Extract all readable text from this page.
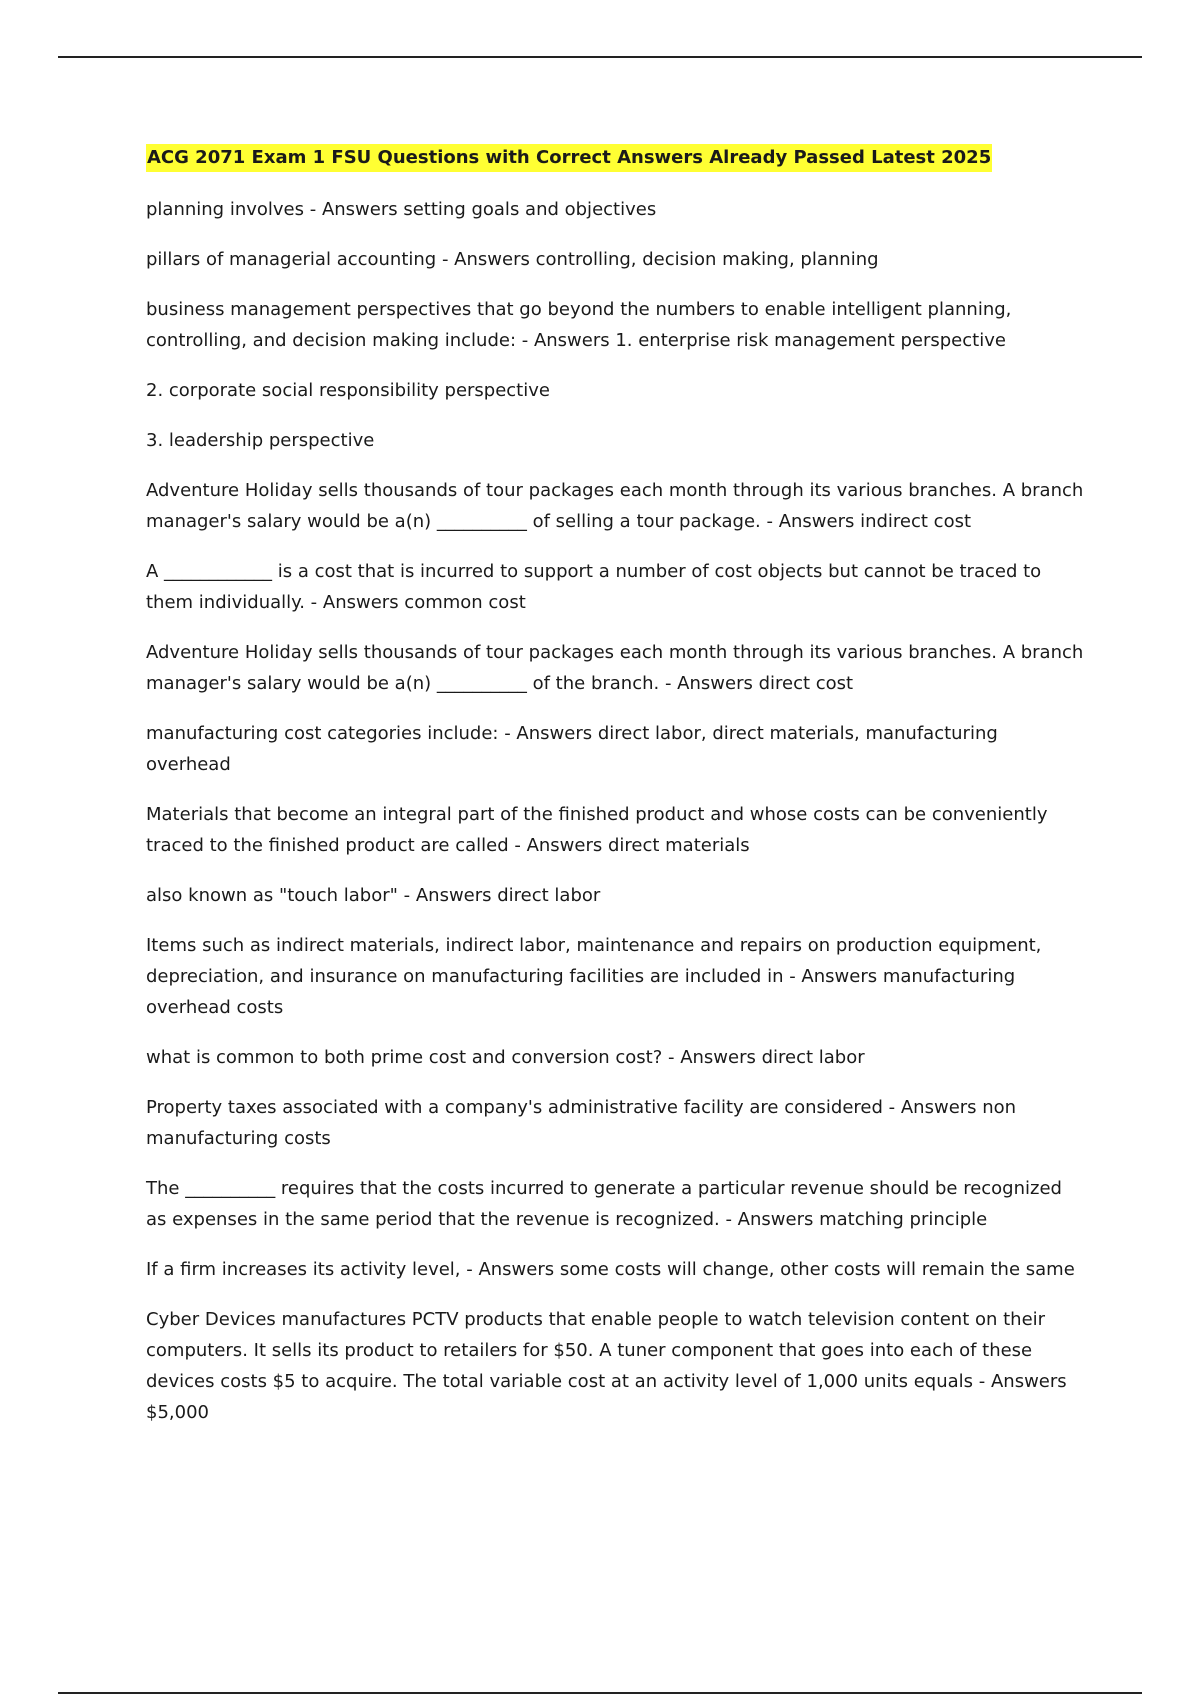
ACG 2071 Exam 1 FSU Questions with Correct Answers Already Passed Latest 2025

planning involves - Answers setting goals and objectives

pillars of managerial accounting - Answers controlling, decision making, planning

business management perspectives that go beyond the numbers to enable intelligent planning, controlling, and decision making include: - Answers 1. enterprise risk management perspective

2. corporate social responsibility perspective

3. leadership perspective

Adventure Holiday sells thousands of tour packages each month through its various branches. A branch manager's salary would be a(n) __________ of selling a tour package. - Answers indirect cost

A ____________ is a cost that is incurred to support a number of cost objects but cannot be traced to them individually. - Answers common cost

Adventure Holiday sells thousands of tour packages each month through its various branches. A branch manager's salary would be a(n) __________ of the branch. - Answers direct cost

manufacturing cost categories include: - Answers direct labor, direct materials, manufacturing overhead

Materials that become an integral part of the finished product and whose costs can be conveniently traced to the finished product are called - Answers direct materials

also known as "touch labor" - Answers direct labor

Items such as indirect materials, indirect labor, maintenance and repairs on production equipment, depreciation, and insurance on manufacturing facilities are included in - Answers manufacturing overhead costs

what is common to both prime cost and conversion cost? - Answers direct labor

Property taxes associated with a company's administrative facility are considered - Answers non manufacturing costs

The __________ requires that the costs incurred to generate a particular revenue should be recognized as expenses in the same period that the revenue is recognized. - Answers matching principle

If a firm increases its activity level, - Answers some costs will change, other costs will remain the same

Cyber Devices manufactures PCTV products that enable people to watch television content on their computers. It sells its product to retailers for $50. A tuner component that goes into each of these devices costs $5 to acquire. The total variable cost at an activity level of 1,000 units equals - Answers $5,000
